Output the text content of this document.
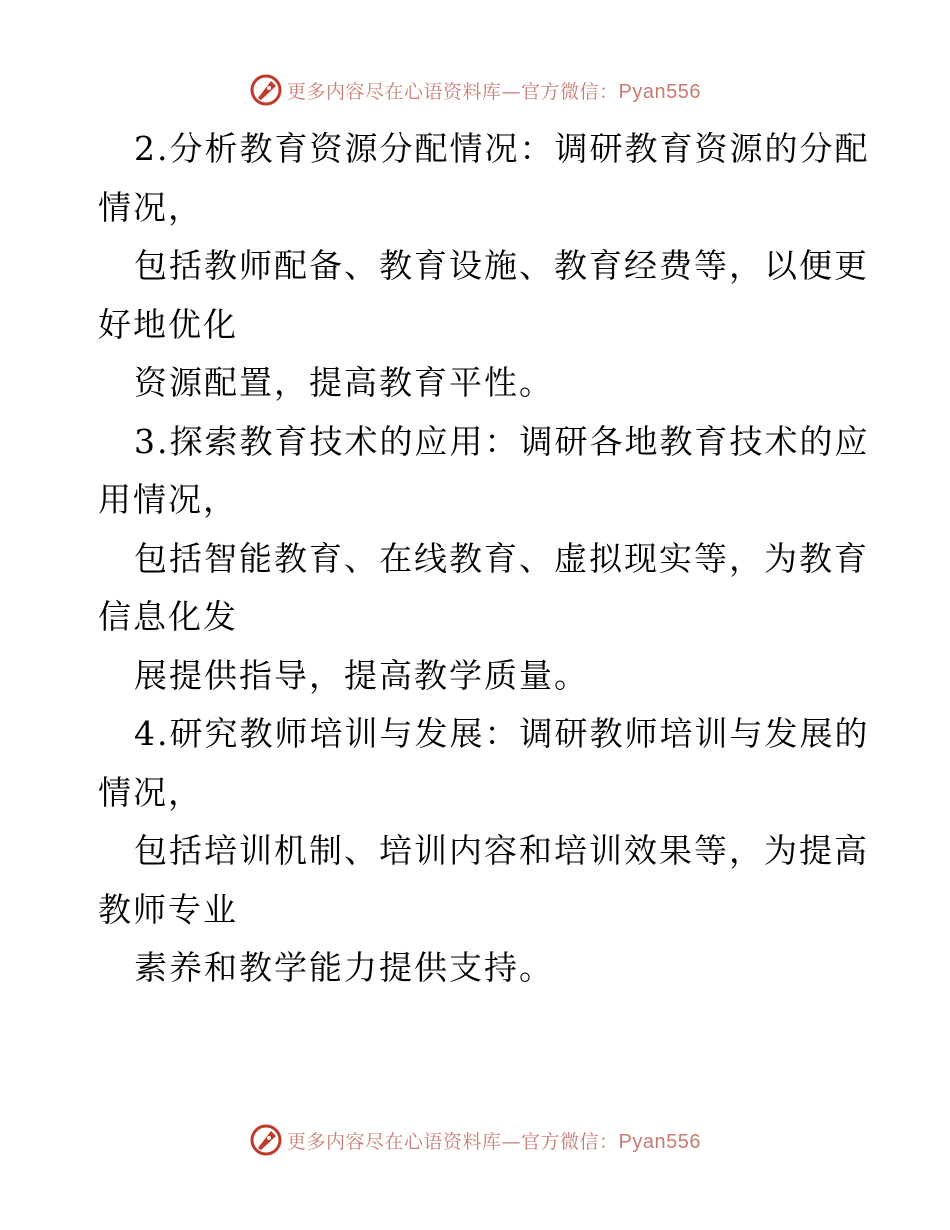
更多内容尽在心语资料库—官方微信：Pyan556
2.分析教育资源分配情况：调研教育资源的分配
情况，
包括教师配备、教育设施、教育经费等，以便更
好地优化
资源配置，提高教育平性。
3.探索教育技术的应用：调研各地教育技术的应
用情况，
包括智能教育、在线教育、虚拟现实等，为教育
信息化发
展提供指导，提高教学质量。
4.研究教师培训与发展：调研教师培训与发展的
情况，
包括培训机制、培训内容和培训效果等，为提高
教师专业
素养和教学能力提供支持。
更多内容尽在心语资料库—官方微信：Pyan556
